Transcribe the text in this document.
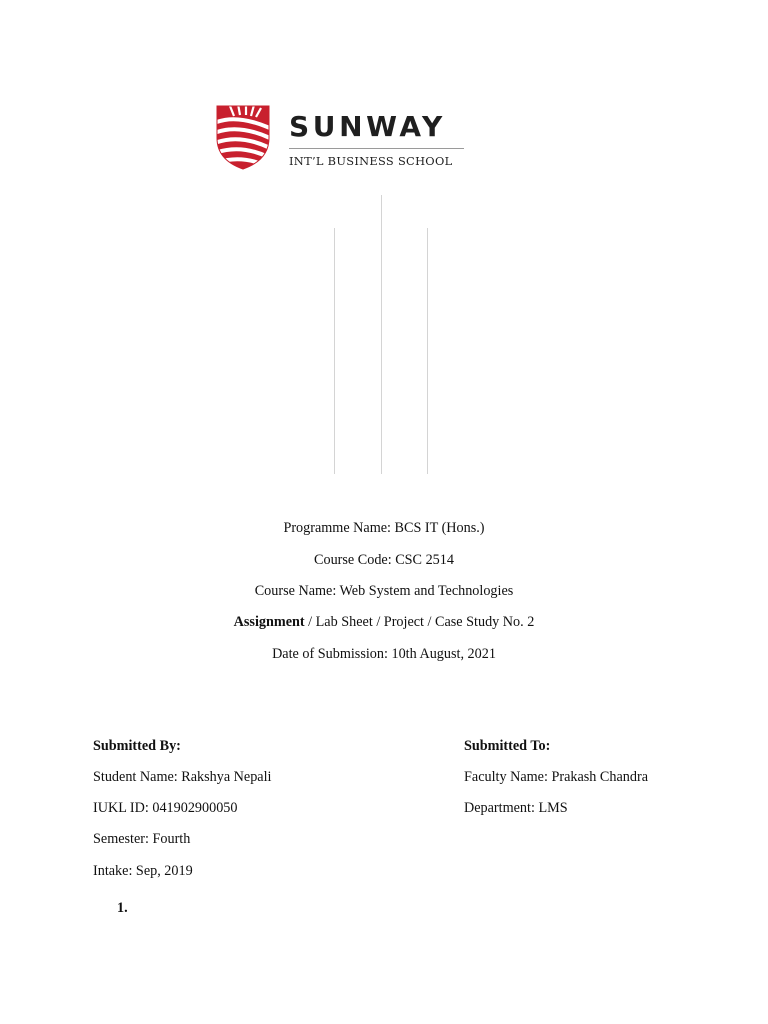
SUNWAY
INT’L BUSINESS SCHOOL
Programme Name: BCS IT (Hons.)
Course Code: CSC 2514
Course Name: Web System and Technologies
Assignment / Lab Sheet / Project / Case Study No. 2
Date of Submission: 10th August, 2021
Submitted By:
Student Name: Rakshya Nepali
IUKL ID: 041902900050
Semester: Fourth
Intake: Sep, 2019
Submitted To:
Faculty Name: Prakash Chandra
Department: LMS
1.
